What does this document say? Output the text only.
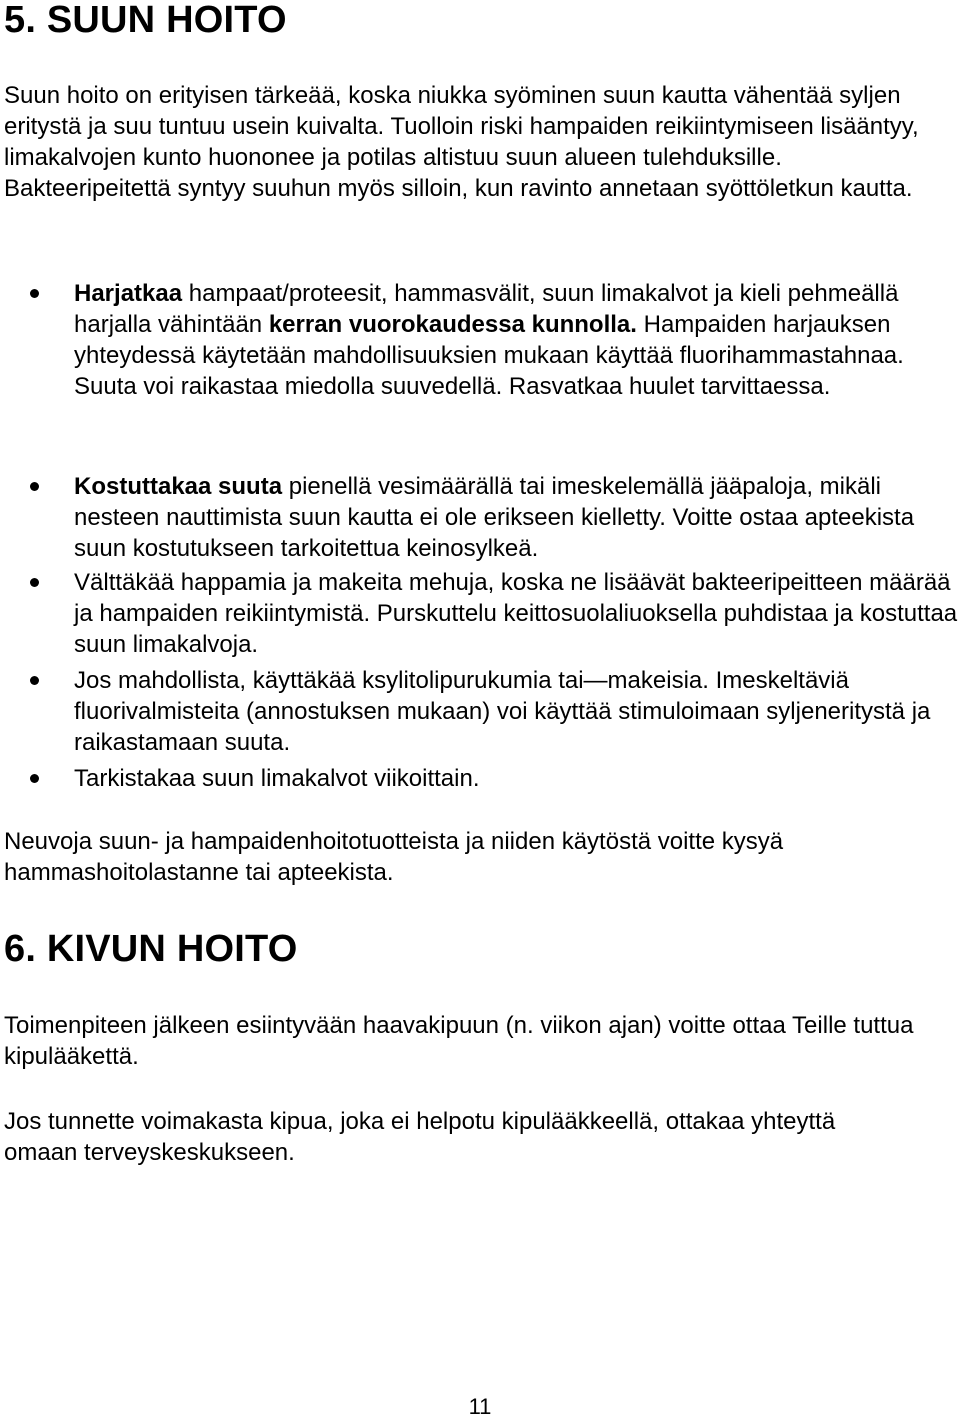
5. SUUN HOITO

Suun hoito on erityisen tärkeää, koska niukka syöminen suun kautta vähentää syljen eritystä ja suu tuntuu usein kuivalta. Tuolloin riski hampaiden reikiintymiseen lisääntyy, limakalvojen kunto huononee ja potilas altistuu suun alueen tulehduksille. Bakteeripeitettä syntyy suuhun myös silloin, kun ravinto annetaan syöttöletkun kautta.

Harjatkaa hampaat/proteesit, hammasvälit, suun limakalvot ja kieli pehmeällä harjalla vähintään kerran vuorokaudessa kunnolla. Hampaiden harjauksen yhteydessä käytetään mahdollisuuksien mukaan käyttää fluorihammastahnaa. Suuta voi raikastaa miedolla suuvedellä. Rasvatkaa huulet tarvittaessa.

Kostuttakaa suuta pienellä vesimäärällä tai imeskelemällä jääpaloja, mikäli nesteen nauttimista suun kautta ei ole erikseen kielletty. Voitte ostaa apteekista suun kostutukseen tarkoitettua keinosylkeä.

Välttäkää happamia ja makeita mehuja, koska ne lisäävät bakteeripeitteen määrää ja hampaiden reikiintymistä. Purskuttelu keittosuolaliuoksella puhdistaa ja kostuttaa suun limakalvoja.

Jos mahdollista, käyttäkää ksylitolipurukumia tai—makeisia. Imeskeltäviä fluorivalmisteita (annostuksen mukaan) voi käyttää stimuloimaan syljeneritystä ja raikastamaan suuta.

Tarkistakaa suun limakalvot viikoittain.

Neuvoja suun- ja hampaidenhoitotuotteista ja niiden käytöstä voitte kysyä hammashoitolastanne tai apteekista.

6. KIVUN HOITO

Toimenpiteen jälkeen esiintyvään haavakipuun (n. viikon ajan) voitte ottaa Teille tuttua kipulääkettä.

Jos tunnette voimakasta kipua, joka ei helpotu kipulääkkeellä, ottakaa yhteyttä omaan terveyskeskukseen.

11
